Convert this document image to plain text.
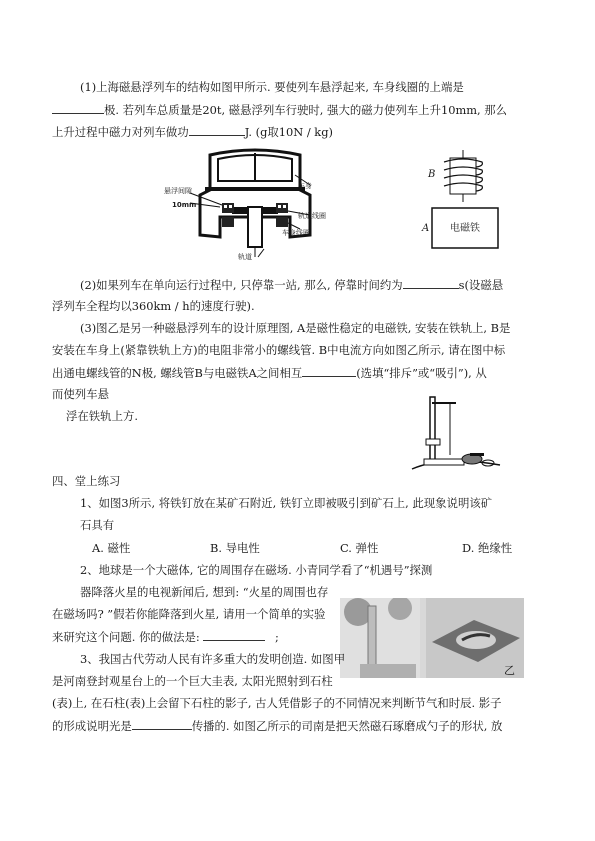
(1)上海磁悬浮列车的结构如图甲所示. 要使列车悬浮起来, 车身线圈的上端是
极. 若列车总质量是20t, 磁悬浮列车行驶时, 强大的磁力使列车上升10mm, 那么
上升过程中磁力对列车做功	J. (g取10N / kg)
悬浮间隙
10mm
车身
轨道线圈
车身线圈
轨道
B
A 电磁铁
(2)如果列车在单向运行过程中, 只停靠一站, 那么, 停靠时间约为	s(设磁悬
浮列车全程均以360km / h的速度行驶).
(3)图乙是另一种磁悬浮列车的设计原理图, A是磁性稳定的电磁铁, 安装在铁轨上, B是
安装在车身上(紧靠铁轨上方)的电阻非常小的螺线管. B中电流方向如图乙所示, 请在图中标
出通电螺线管的N极, 螺线管B与电磁铁A之间相互	(选填“排斥”或“吸引”), 从
而使列车悬
浮在铁轨上方.
四、堂上练习
1、如图3所示, 将铁钉放在某矿石附近, 铁钉立即被吸引到矿石上, 此现象说明该矿
石具有
A. 磁性	B. 导电性	C. 弹性	D. 绝缘性
2、地球是一个大磁体, 它的周围存在磁场. 小青同学看了“机遇号”探测
器降落火星的电视新闻后, 想到: “火星的周围也存
在磁场吗? ”假若你能降落到火星, 请用一个简单的实验
来研究这个问题. 你的做法是:	;
乙
3、我国古代劳动人民有许多重大的发明创造. 如图甲
是河南登封观星台上的一个巨大圭表, 太阳光照射到石柱
(表)上, 在石柱(表)上会留下石柱的影子, 古人凭借影子的不同情况来判断节气和时辰. 影子
的形成说明光是	传播的. 如图乙所示的司南是把天然磁石琢磨成勺子的形状, 放
